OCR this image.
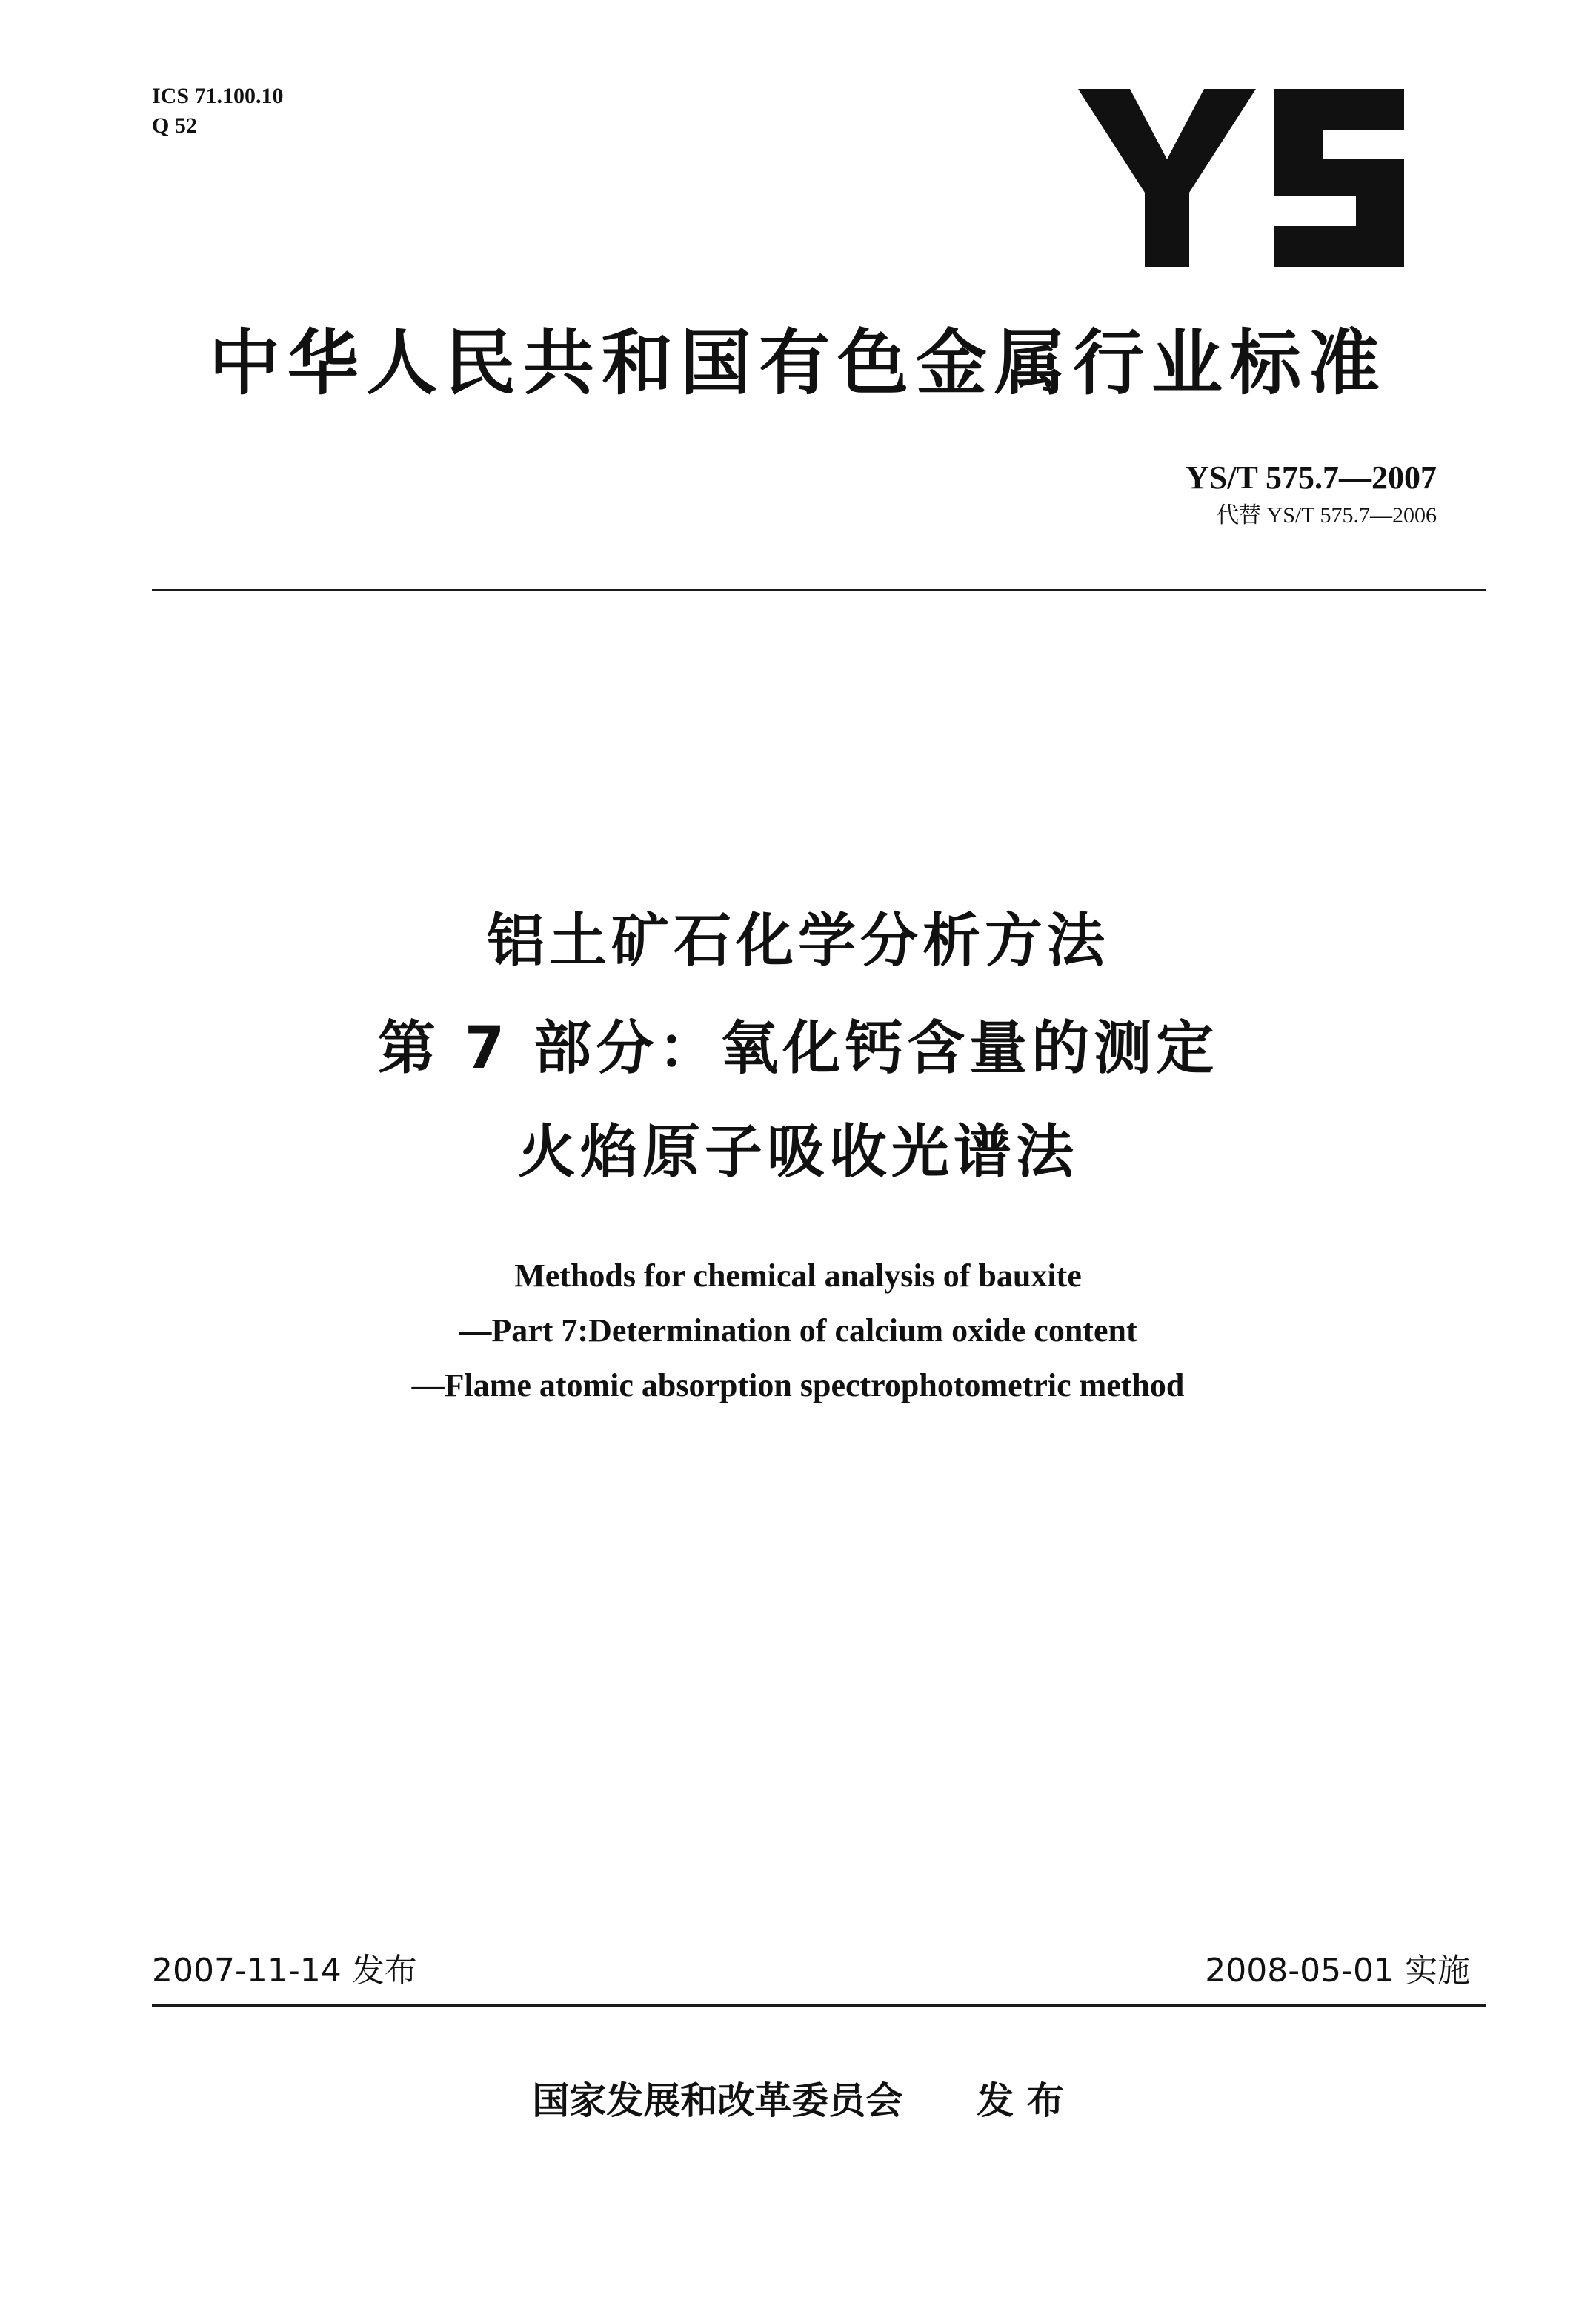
ICS 71.100.10
Q 52
中华人民共和国有色金属行业标准
YS/T 575.7—2007
代替 YS/T 575.7—2006
铝土矿石化学分析方法
第 7 部分：氧化钙含量的测定
火焰原子吸收光谱法
Methods for chemical analysis of bauxite
—Part 7:Determination of calcium oxide content
—Flame atomic absorption spectrophotometric method
2007-11-14 发布	2008-05-01 实施
国家发展和改革委员会 发 布
